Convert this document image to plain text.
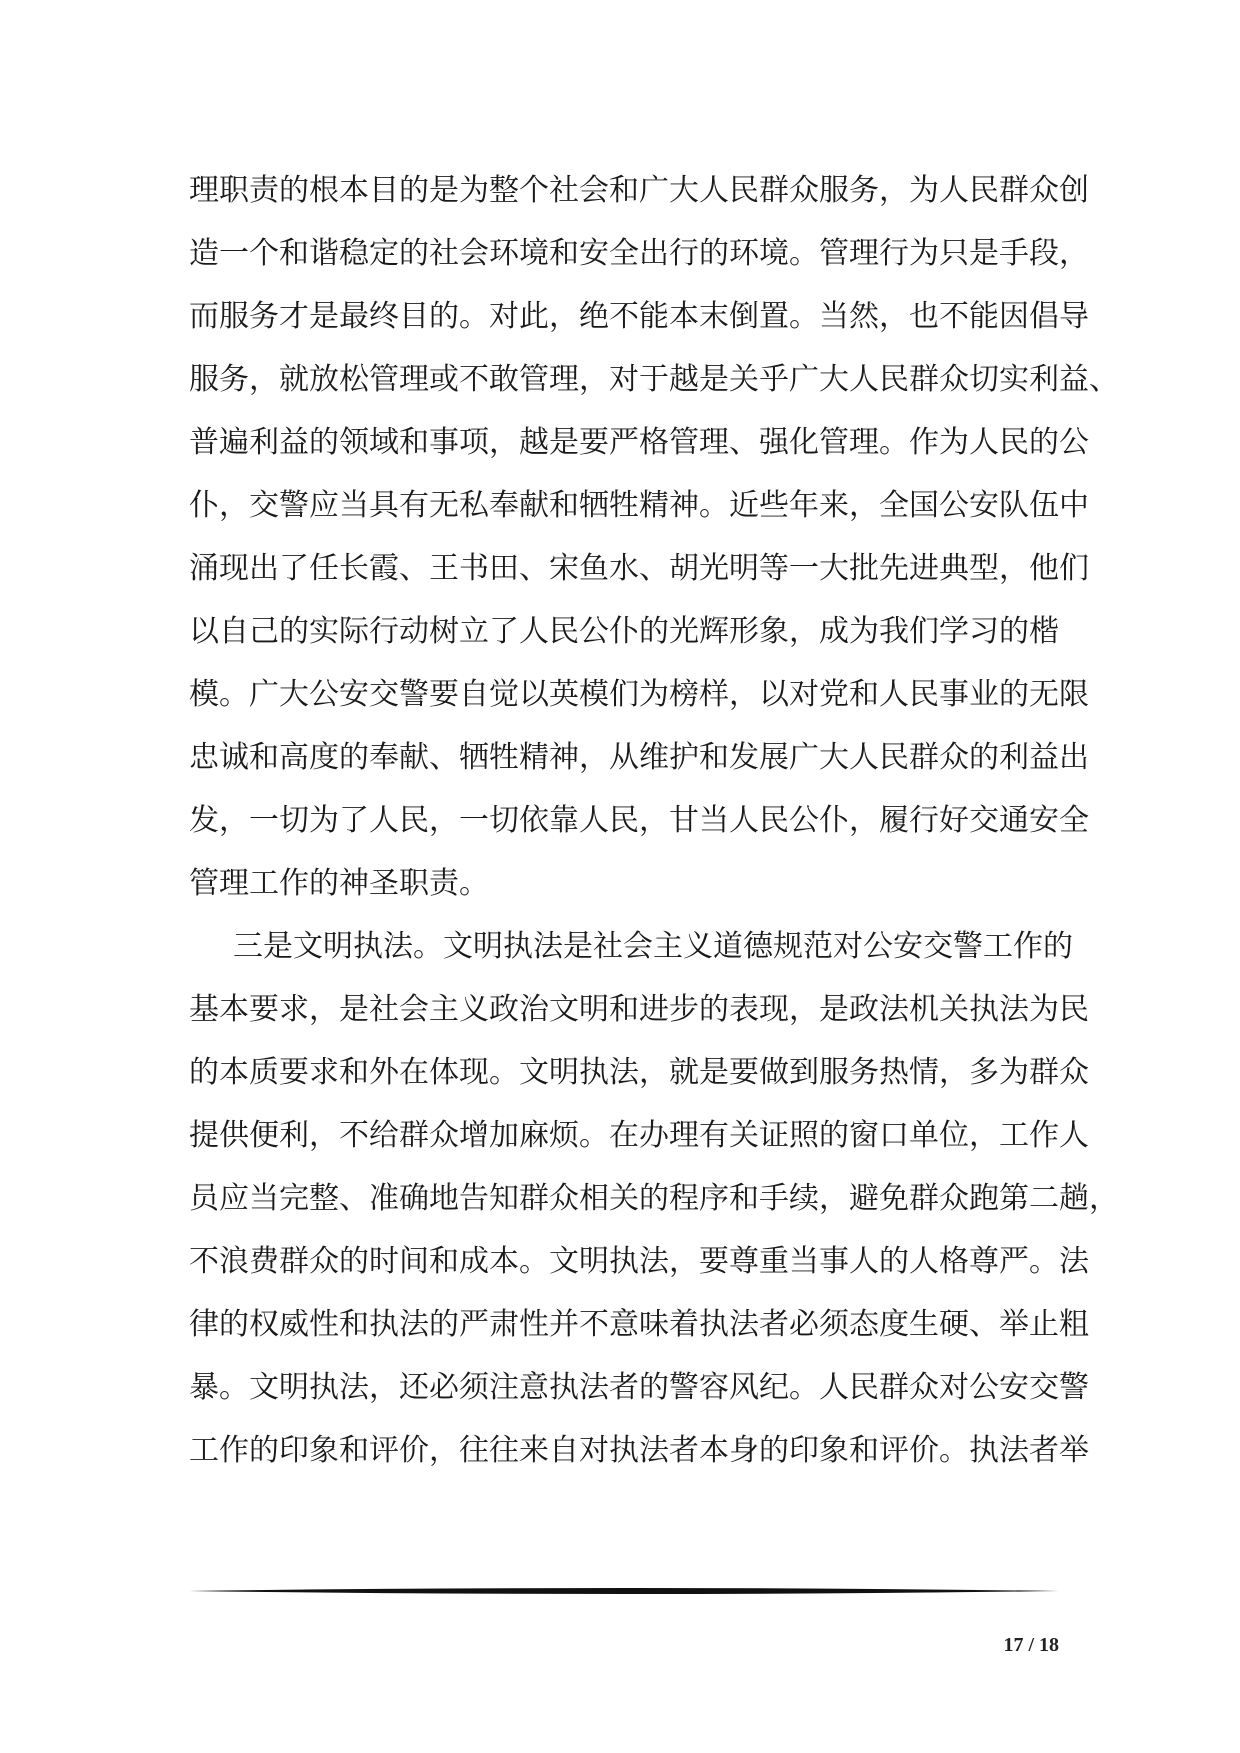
理职责的根本目的是为整个社会和广大人民群众服务，为人民群众创
造一个和谐稳定的社会环境和安全出行的环境。管理行为只是手段，
而服务才是最终目的。对此，绝不能本末倒置。当然，也不能因倡导
服务，就放松管理或不敢管理，对于越是关乎广大人民群众切实利益、
普遍利益的领域和事项，越是要严格管理、强化管理。作为人民的公
仆，交警应当具有无私奉献和牺牲精神。近些年来，全国公安队伍中
涌现出了任长霞、王书田、宋鱼水、胡光明等一大批先进典型，他们
以自己的实际行动树立了人民公仆的光辉形象，成为我们学习的楷
模。广大公安交警要自觉以英模们为榜样，以对党和人民事业的无限
忠诚和高度的奉献、牺牲精神，从维护和发展广大人民群众的利益出
发，一切为了人民，一切依靠人民，甘当人民公仆，履行好交通安全
管理工作的神圣职责。
三是文明执法。文明执法是社会主义道德规范对公安交警工作的
基本要求，是社会主义政治文明和进步的表现，是政法机关执法为民
的本质要求和外在体现。文明执法，就是要做到服务热情，多为群众
提供便利，不给群众增加麻烦。在办理有关证照的窗口单位，工作人
员应当完整、准确地告知群众相关的程序和手续，避免群众跑第二趟，
不浪费群众的时间和成本。文明执法，要尊重当事人的人格尊严。法
律的权威性和执法的严肃性并不意味着执法者必须态度生硬、举止粗
暴。文明执法，还必须注意执法者的警容风纪。人民群众对公安交警
工作的印象和评价，往往来自对执法者本身的印象和评价。执法者举
17 / 18
